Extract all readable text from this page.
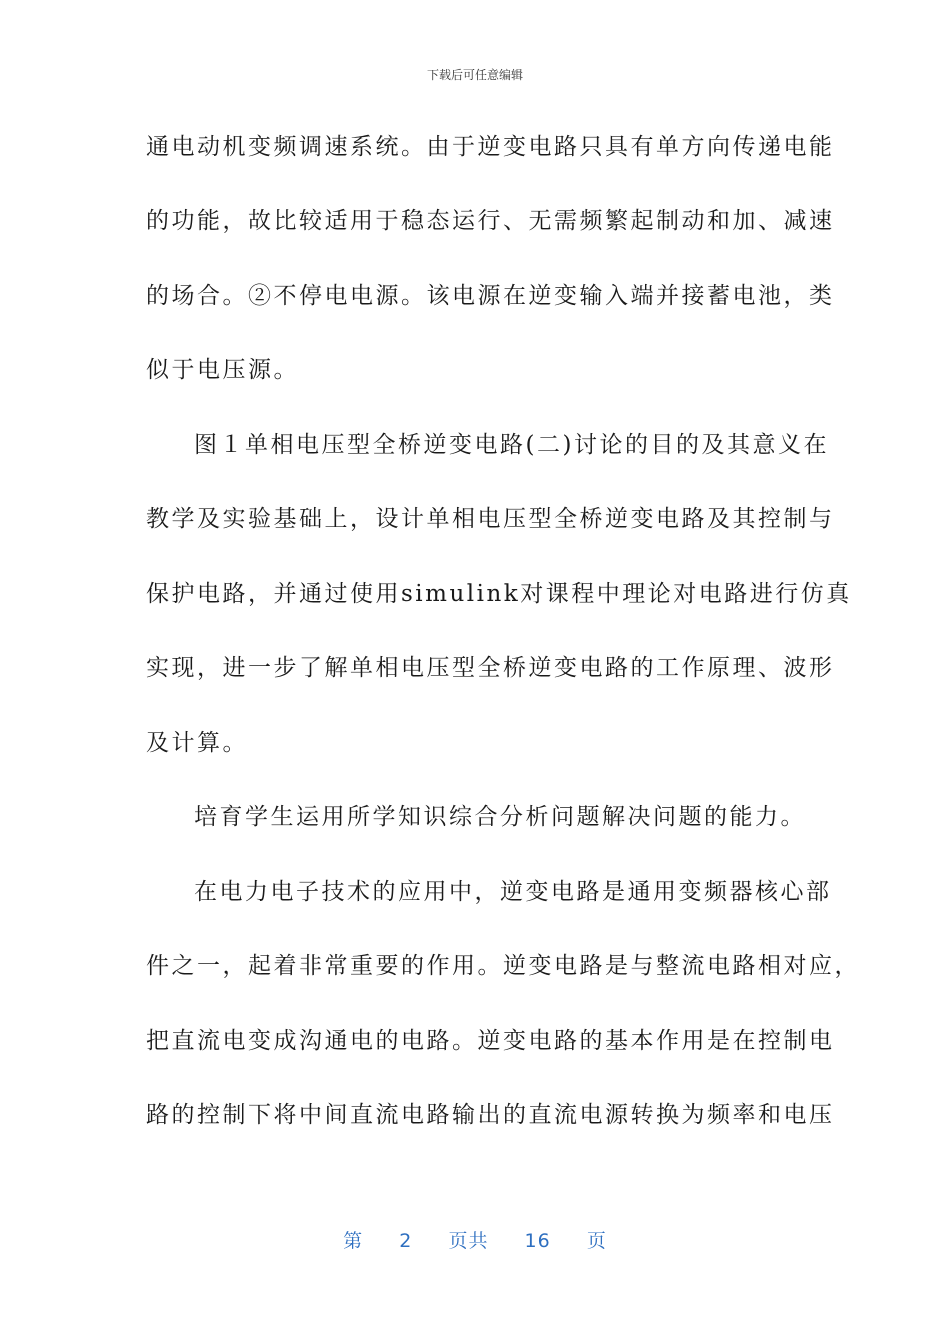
下载后可任意编辑
通电动机变频调速系统。由于逆变电路只具有单方向传递电能
的功能，故比较适用于稳态运行、无需频繁起制动和加、减速
的场合。②不停电电源。该电源在逆变输入端并接蓄电池，类
似于电压源。
图１单相电压型全桥逆变电路(二)讨论的目的及其意义在
教学及实验基础上，设计单相电压型全桥逆变电路及其控制与
保护电路，并通过使用simulink对课程中理论对电路进行仿真
实现，进一步了解单相电压型全桥逆变电路的工作原理、波形
及计算。
培育学生运用所学知识综合分析问题解决问题的能力。
在电力电子技术的应用中，逆变电路是通用变频器核心部
件之一，起着非常重要的作用。逆变电路是与整流电路相对应，
把直流电变成沟通电的电路。逆变电路的基本作用是在控制电
路的控制下将中间直流电路输出的直流电源转换为频率和电压
第 2 页共 16 页
